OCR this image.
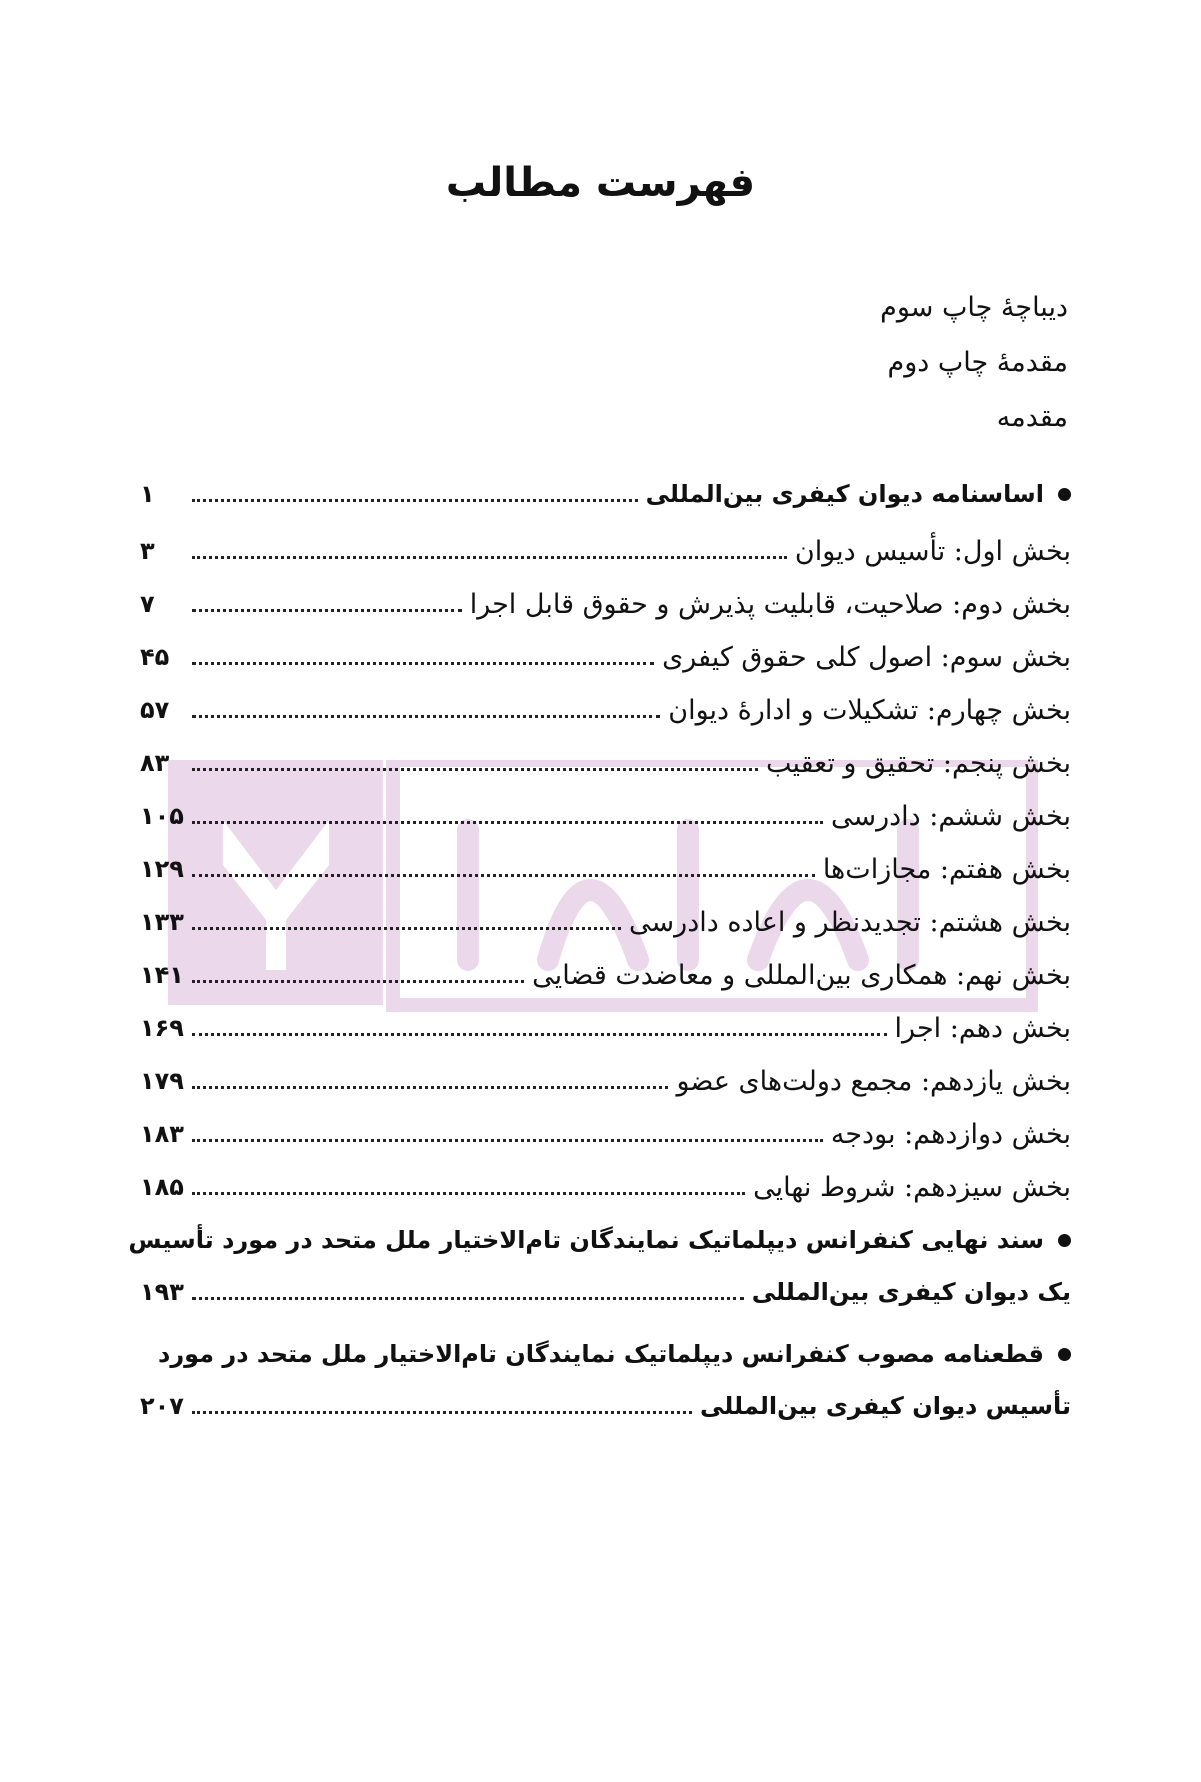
فهرست مطالب
دیباچهٔ چاپ سوم
مقدمهٔ چاپ دوم
مقدمه
اساسنامه دیوان کیفری بین‌المللی
۱
بخش اول: تأسیس دیوان
۳
بخش دوم: صلاحیت، قابلیت پذیرش و حقوق قابل اجرا
۷
بخش سوم: اصول کلی حقوق کیفری
۴۵
بخش چهارم: تشکیلات و ادارهٔ دیوان
۵۷
بخش پنجم: تحقیق و تعقیب
۸۳
بخش ششم: دادرسی
۱۰۵
بخش هفتم: مجازات‌ها
۱۲۹
بخش هشتم: تجدیدنظر و اعاده دادرسی
۱۳۳
بخش نهم: همکاری بین‌المللی و معاضدت قضایی
۱۴۱
بخش دهم: اجرا
۱۶۹
بخش یازدهم: مجمع دولت‌های عضو
۱۷۹
بخش دوازدهم: بودجه
۱۸۳
بخش سیزدهم: شروط نهایی
۱۸۵
سند نهایی کنفرانس دیپلماتیک نمایندگان تام‌الاختیار ملل متحد در مورد تأسیس
یک دیوان کیفری بین‌المللی
۱۹۳
قطعنامه مصوب کنفرانس دیپلماتیک نمایندگان تام‌الاختیار ملل متحد در مورد
تأسیس دیوان کیفری بین‌المللی
۲۰۷
